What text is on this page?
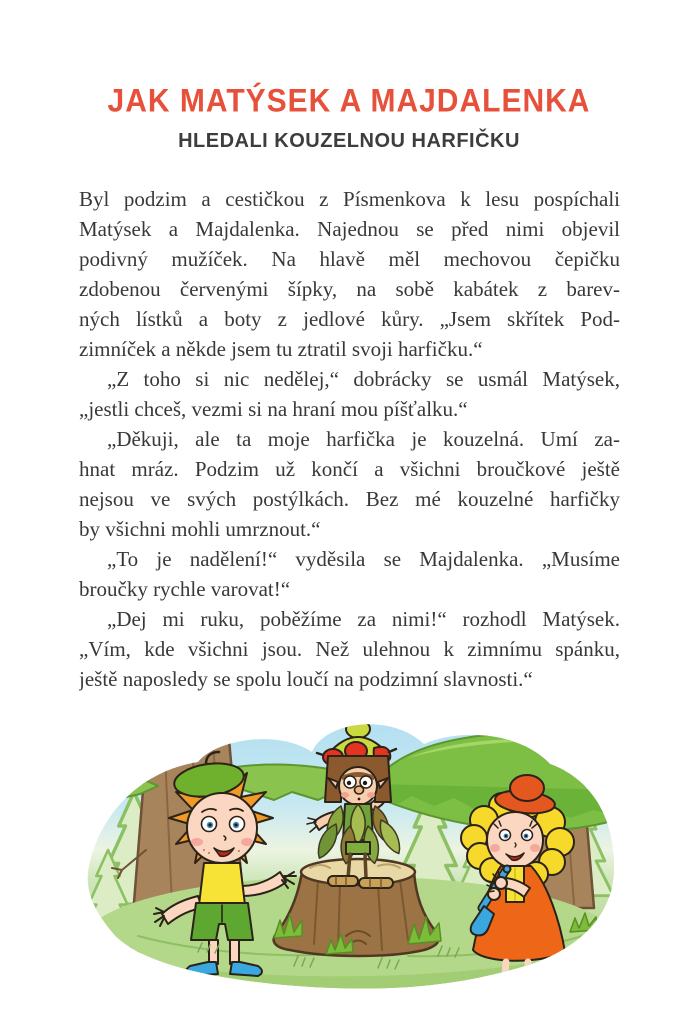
JAK MATÝSEK A MAJDALENKA
HLEDALI KOUZELNOU HARFIČKU
Byl podzim a cestičkou z Písmenkova k lesu pospíchali
Matýsek a Majdalenka. Najednou se před nimi objevil
podivný mužíček. Na hlavě měl mechovou čepičku
zdobenou červenými šípky, na sobě kabátek z barev-
ných lístků a boty z jedlové kůry. „Jsem skřítek Pod-
zimníček a někde jsem tu ztratil svoji harfičku.“
„Z toho si nic nedělej,“ dobrácky se usmál Matýsek,
„jestli chceš, vezmi si na hraní mou píšťalku.“
„Děkuji, ale ta moje harfička je kouzelná. Umí za-
hnat mráz. Podzim už končí a všichni broučkové ještě
nejsou ve svých postýlkách. Bez mé kouzelné harfičky
by všichni mohli umrznout.“
„To je nadělení!“ vyděsila se Majdalenka. „Musíme
broučky rychle varovat!“
„Dej mi ruku, poběžíme za nimi!“ rozhodl Matýsek.
„Vím, kde všichni jsou. Než ulehnou k zimnímu spánku,
ještě naposledy se spolu loučí na podzimní slavnosti.“
